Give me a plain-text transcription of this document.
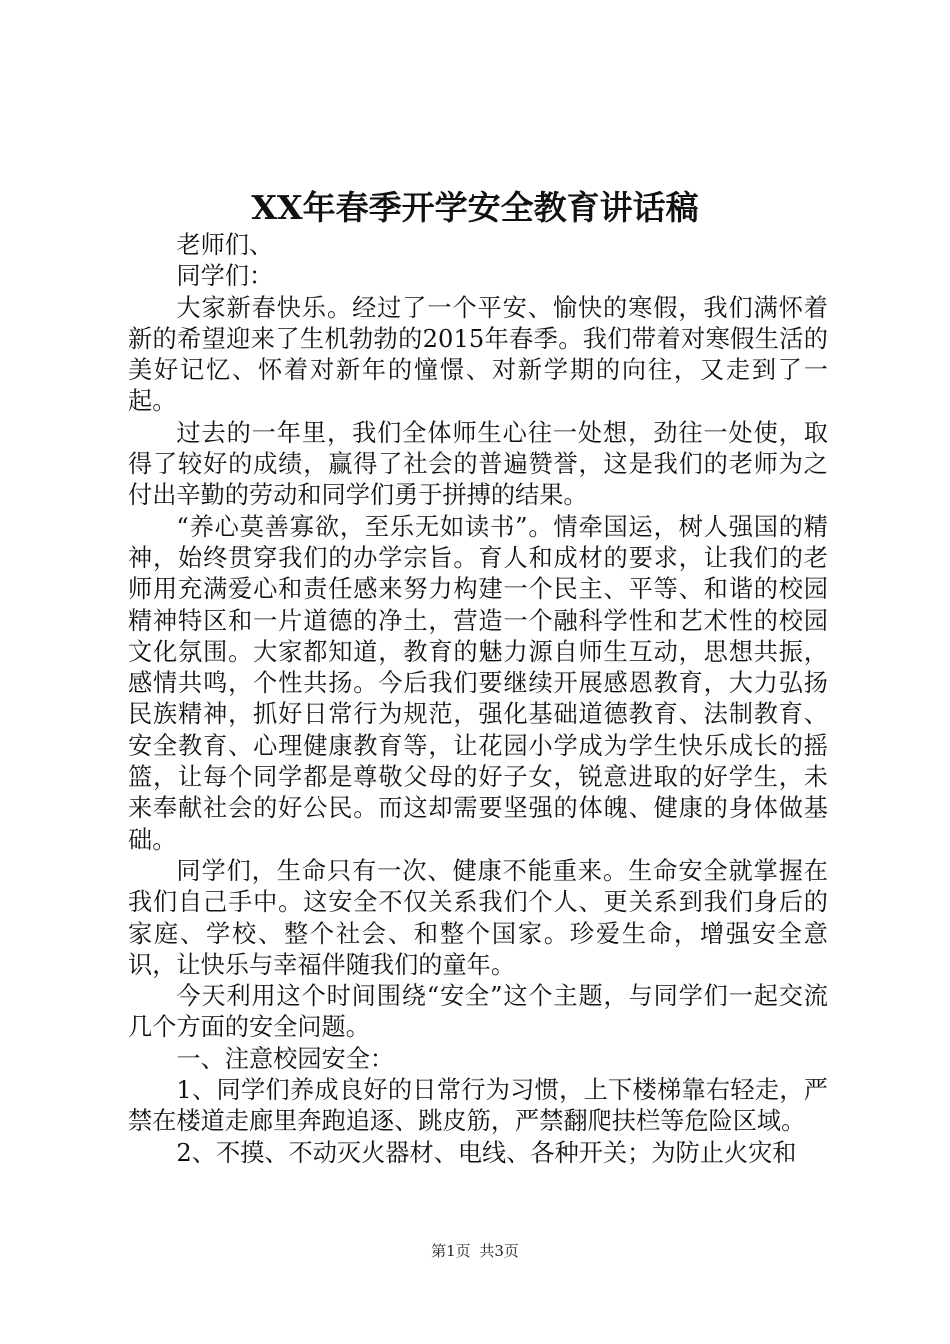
XX年春季开学安全教育讲话稿

老师们、

同学们：

大家新春快乐。经过了一个平安、愉快的寒假，我们满怀着新的希望迎来了生机勃勃的2015年春季。我们带着对寒假生活的美好记忆、怀着对新年的憧憬、对新学期的向往，又走到了一起。

过去的一年里，我们全体师生心往一处想，劲往一处使，取得了较好的成绩，赢得了社会的普遍赞誉，这是我们的老师为之付出辛勤的劳动和同学们勇于拼搏的结果。

“养心莫善寡欲，至乐无如读书”。情牵国运，树人强国的精神，始终贯穿我们的办学宗旨。育人和成材的要求，让我们的老师用充满爱心和责任感来努力构建一个民主、平等、和谐的校园精神特区和一片道德的净土，营造一个融科学性和艺术性的校园文化氛围。大家都知道，教育的魅力源自师生互动，思想共振，感情共鸣，个性共扬。今后我们要继续开展感恩教育，大力弘扬民族精神，抓好日常行为规范，强化基础道德教育、法制教育、安全教育、心理健康教育等，让花园小学成为学生快乐成长的摇篮，让每个同学都是尊敬父母的好子女，锐意进取的好学生，未来奉献社会的好公民。而这却需要坚强的体魄、健康的身体做基础。

同学们，生命只有一次、健康不能重来。生命安全就掌握在我们自己手中。这安全不仅关系我们个人、更关系到我们身后的家庭、学校、整个社会、和整个国家。珍爱生命，增强安全意识，让快乐与幸福伴随我们的童年。

今天利用这个时间围绕“安全”这个主题，与同学们一起交流几个方面的安全问题。

一、注意校园安全：

1、同学们养成良好的日常行为习惯，上下楼梯靠右轻走，严禁在楼道走廊里奔跑追逐、跳皮筋，严禁翻爬扶栏等危险区域。

2、不摸、不动灭火器材、电线、各种开关；为防止火灾和

第1页 共3页
